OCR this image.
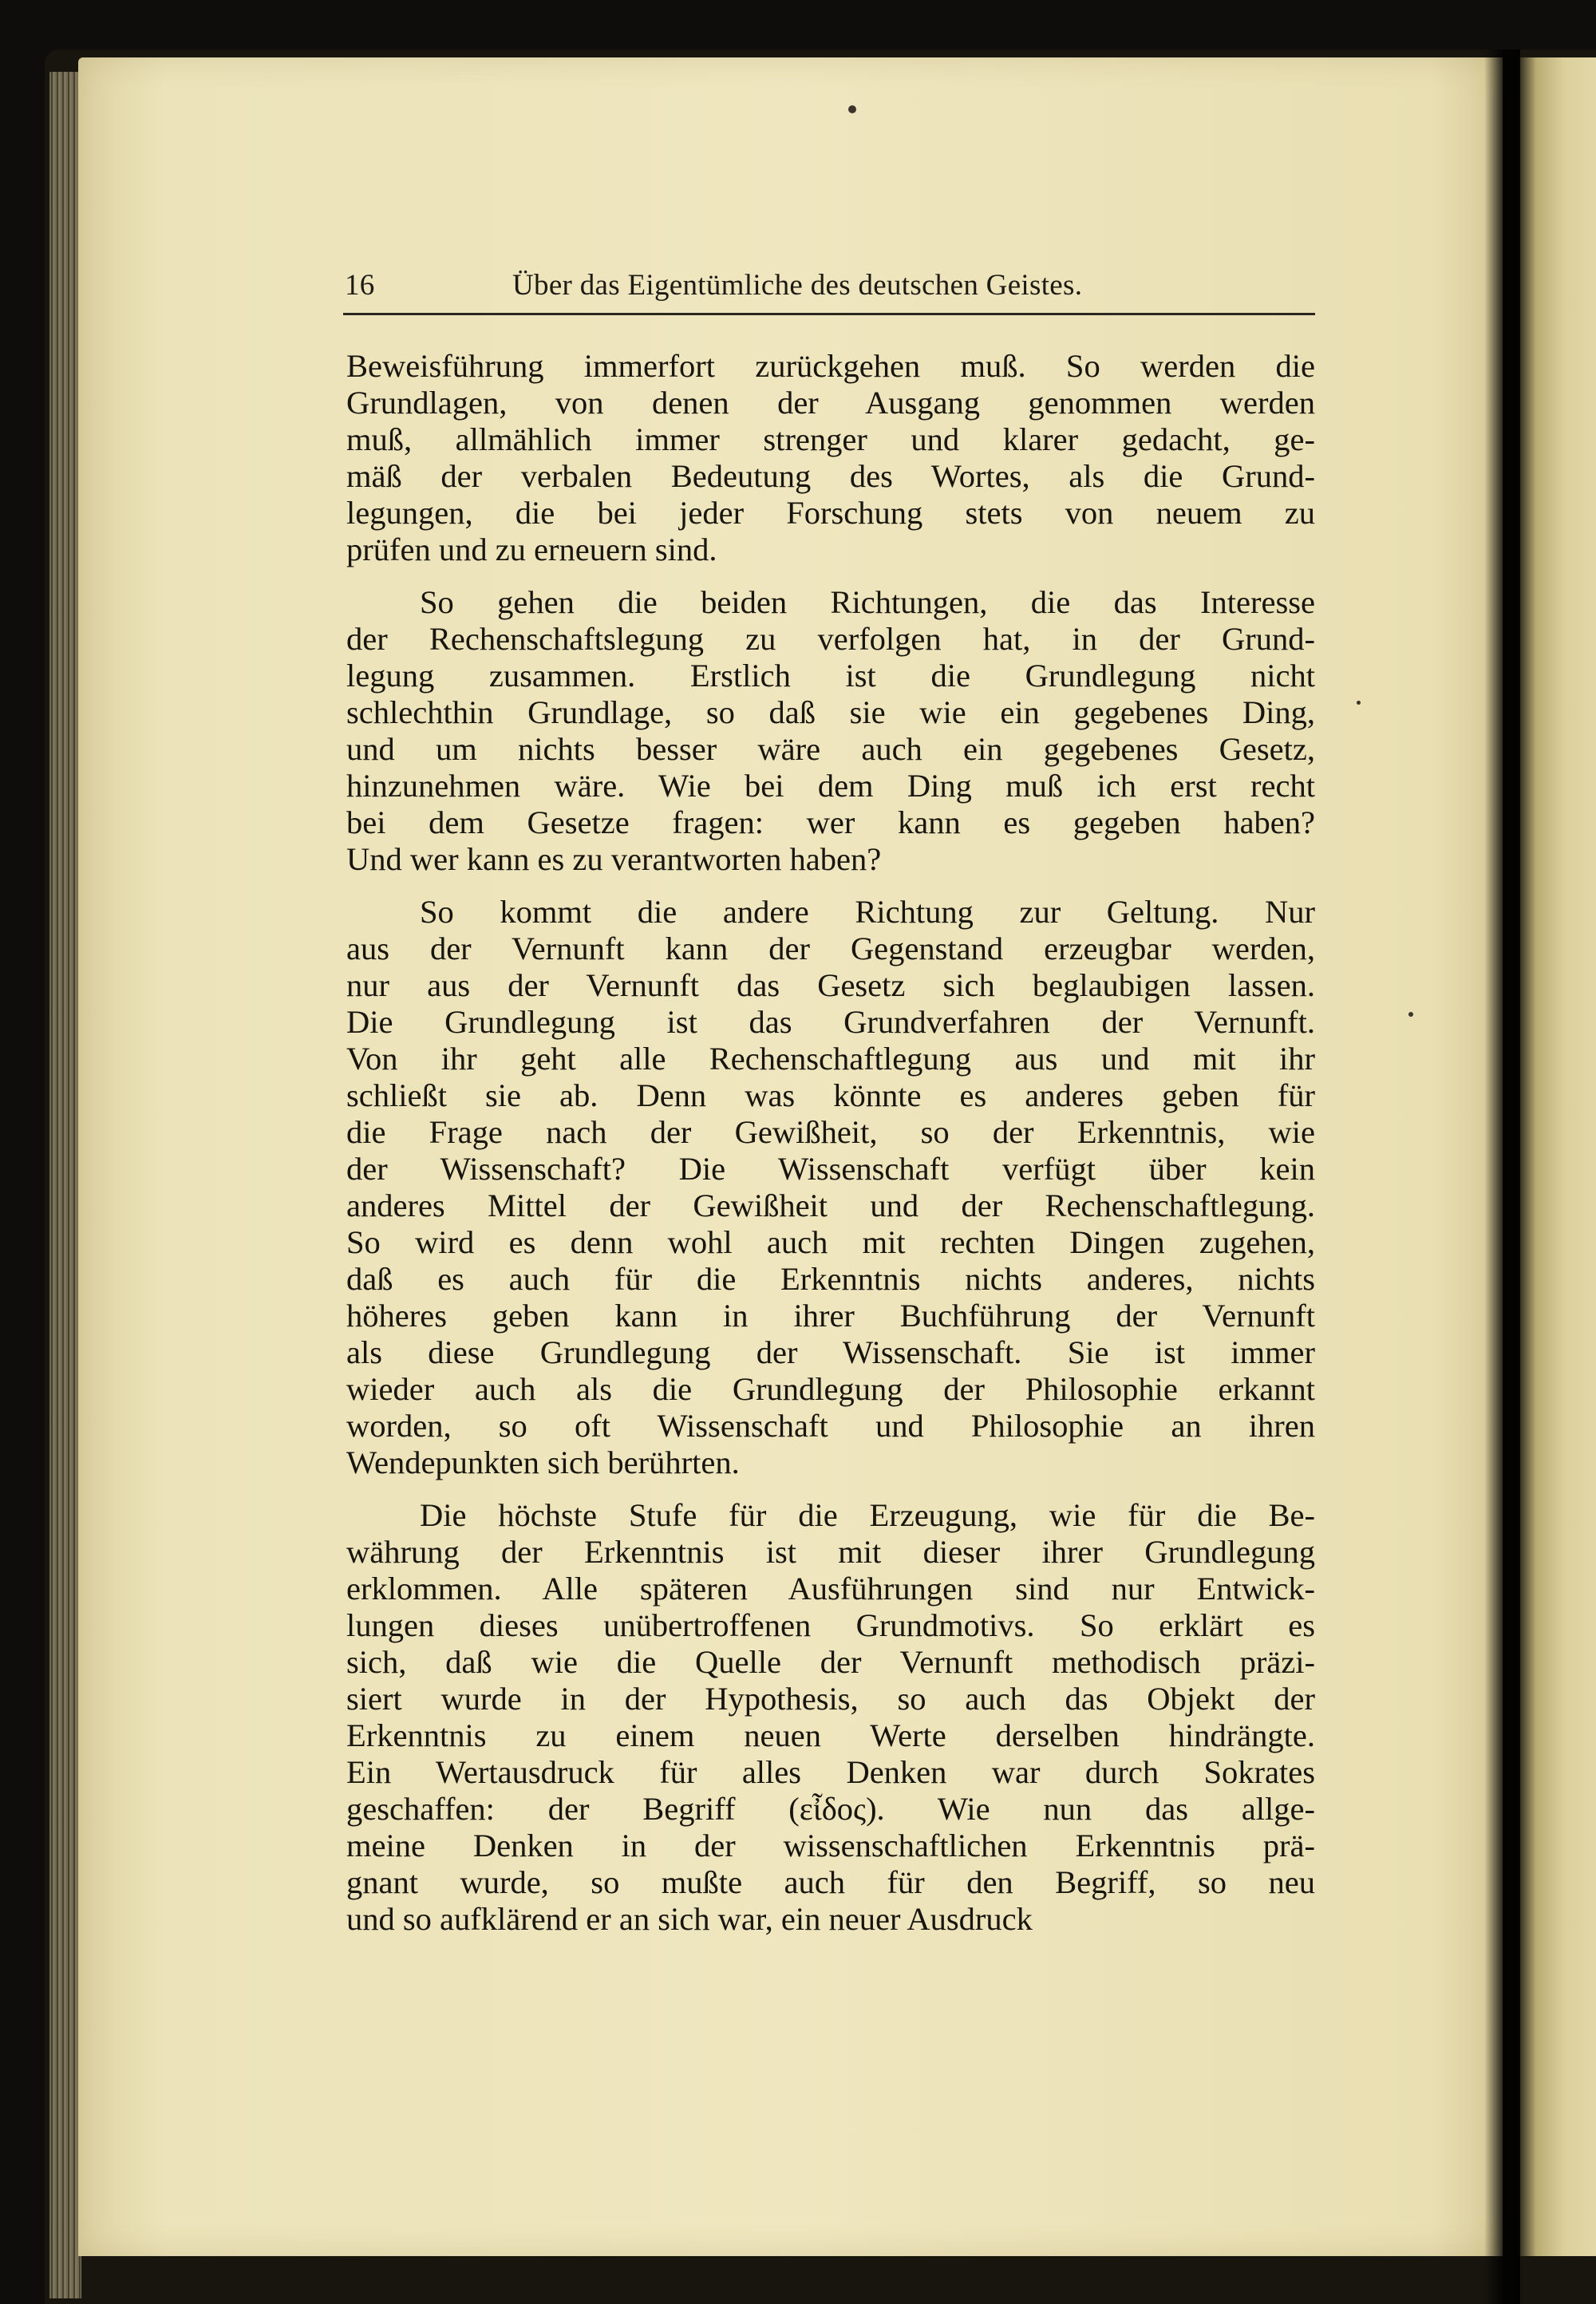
16	Über das Eigentümliche des deutschen Geistes.
Beweisführung immerfort zurückgehen muß. So werden die
Grundlagen, von denen der Ausgang genommen werden
muß, allmählich immer strenger und klarer gedacht, ge-
mäß der verbalen Bedeutung des Wortes, als die Grund-
legungen, die bei jeder Forschung stets von neuem zu
prüfen und zu erneuern sind.
So gehen die beiden Richtungen, die das Interesse
der Rechenschaftslegung zu verfolgen hat, in der Grund-
legung zusammen. Erstlich ist die Grundlegung nicht
schlechthin Grundlage, so daß sie wie ein gegebenes Ding,
und um nichts besser wäre auch ein gegebenes Gesetz,
hinzunehmen wäre. Wie bei dem Ding muß ich erst recht
bei dem Gesetze fragen: wer kann es gegeben haben?
Und wer kann es zu verantworten haben?
So kommt die andere Richtung zur Geltung. Nur
aus der Vernunft kann der Gegenstand erzeugbar werden,
nur aus der Vernunft das Gesetz sich beglaubigen lassen.
Die Grundlegung ist das Grundverfahren der Vernunft.
Von ihr geht alle Rechenschaftlegung aus und mit ihr
schließt sie ab. Denn was könnte es anderes geben für
die Frage nach der Gewißheit, so der Erkenntnis, wie
der Wissenschaft? Die Wissenschaft verfügt über kein
anderes Mittel der Gewißheit und der Rechenschaftlegung.
So wird es denn wohl auch mit rechten Dingen zugehen,
daß es auch für die Erkenntnis nichts anderes, nichts
höheres geben kann in ihrer Buchführung der Vernunft
als diese Grundlegung der Wissenschaft. Sie ist immer
wieder auch als die Grundlegung der Philosophie erkannt
worden, so oft Wissenschaft und Philosophie an ihren
Wendepunkten sich berührten.
Die höchste Stufe für die Erzeugung, wie für die Be-
währung der Erkenntnis ist mit dieser ihrer Grundlegung
erklommen. Alle späteren Ausführungen sind nur Entwick-
lungen dieses unübertroffenen Grundmotivs. So erklärt es
sich, daß wie die Quelle der Vernunft methodisch präzi-
siert wurde in der Hypothesis, so auch das Objekt der
Erkenntnis zu einem neuen Werte derselben hindrängte.
Ein Wertausdruck für alles Denken war durch Sokrates
geschaffen: der Begriff (εἶδος). Wie nun das allge-
meine Denken in der wissenschaftlichen Erkenntnis prä-
gnant wurde, so mußte auch für den Begriff, so neu
und so aufklärend er an sich war, ein neuer Ausdruck
